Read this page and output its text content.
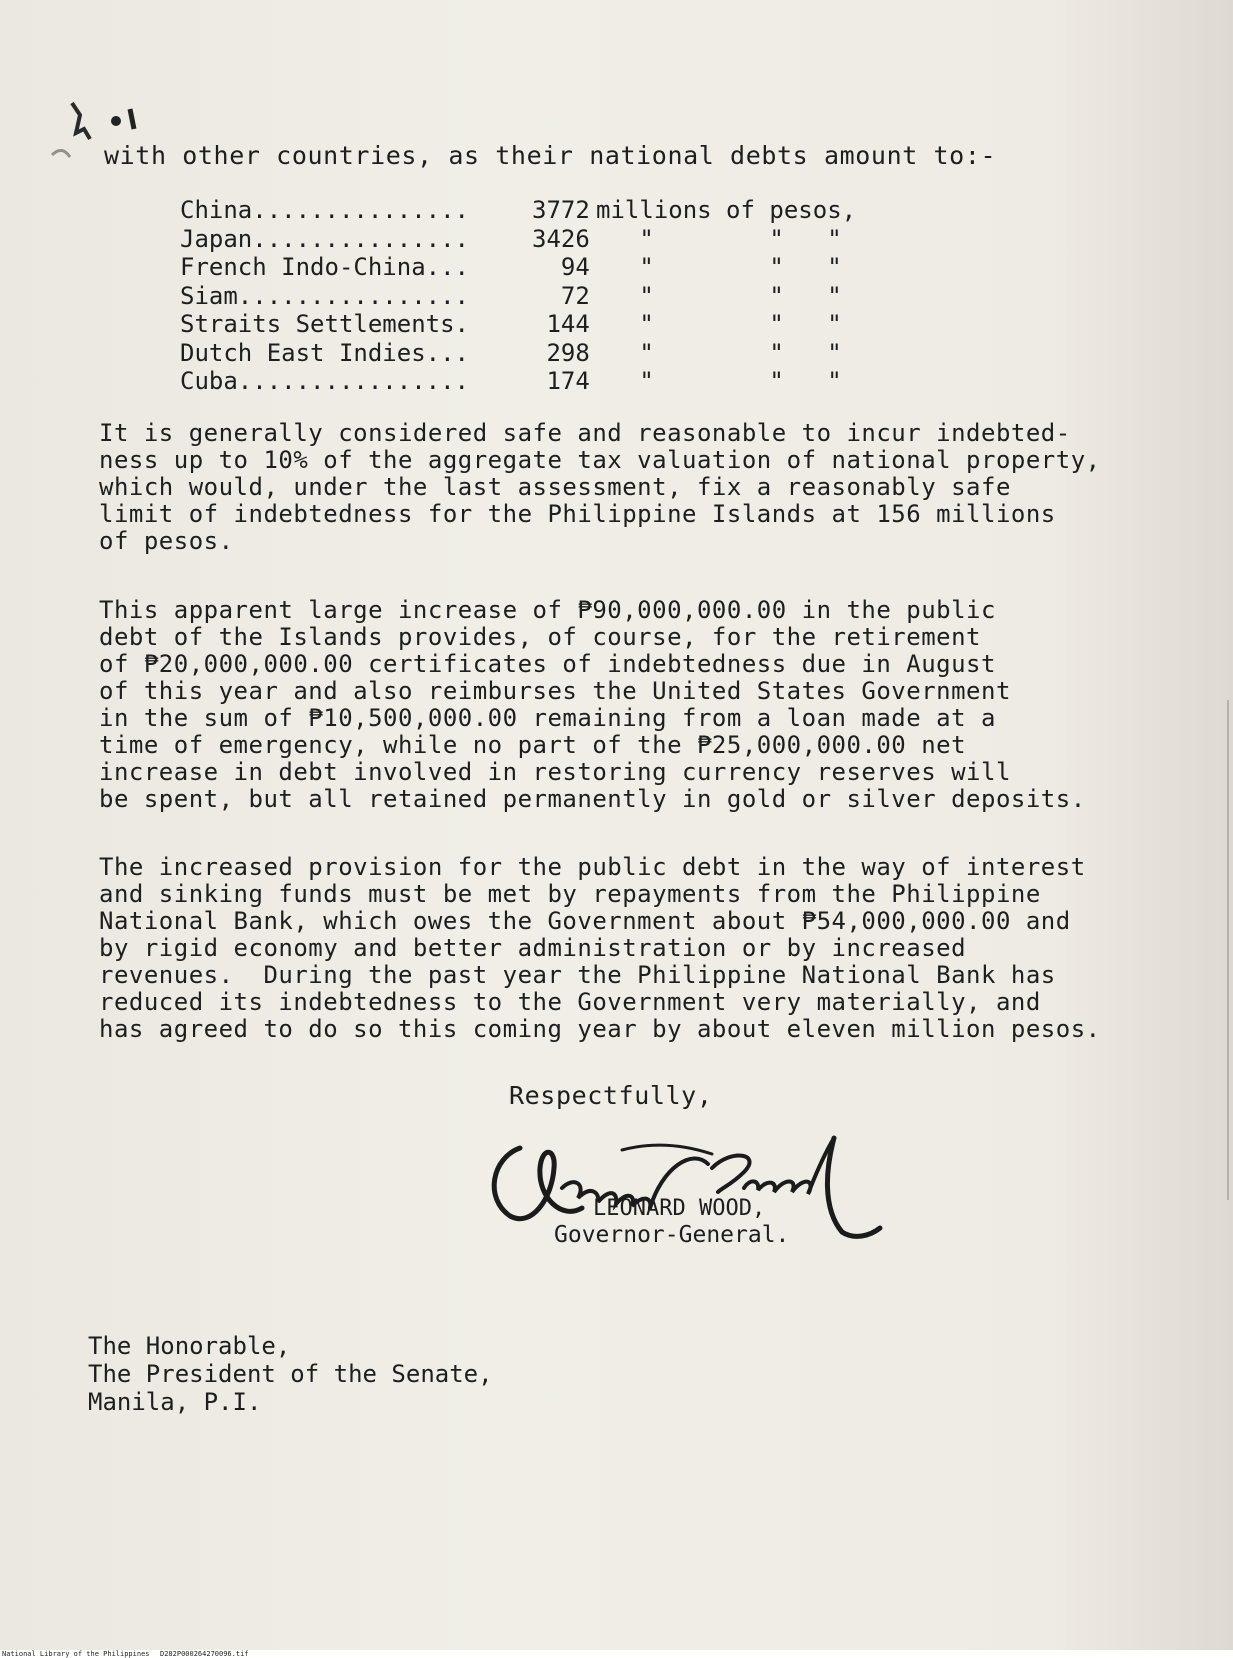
with other countries, as their national debts amount to:-
China...............	3772 millions of pesos,
Japan...............	3426 "        "   "
French Indo-China...	94 "        "   "
Siam................	72 "        "   "
Straits Settlements.	144 "        "   "
Dutch East Indies...	298 "        "   "
Cuba................	174 "        "   "
It is generally considered safe and reasonable to incur indebted-
ness up to 10% of the aggregate tax valuation of national property,
which would, under the last assessment, fix a reasonably safe
limit of indebtedness for the Philippine Islands at 156 millions
of pesos.
This apparent large increase of ₱90,000,000.00 in the public
debt of the Islands provides, of course, for the retirement
of ₱20,000,000.00 certificates of indebtedness due in August
of this year and also reimburses the United States Government
in the sum of ₱10,500,000.00 remaining from a loan made at a
time of emergency, while no part of the ₱25,000,000.00 net
increase in debt involved in restoring currency reserves will
be spent, but all retained permanently in gold or silver deposits.
The increased provision for the public debt in the way of interest
and sinking funds must be met by repayments from the Philippine
National Bank, which owes the Government about ₱54,000,000.00 and
by rigid economy and better administration or by increased
revenues.  During the past year the Philippine National Bank has
reduced its indebtedness to the Government very materially, and
has agreed to do so this coming year by about eleven million pesos.
Respectfully,
LEONARD WOOD,
Governor-General.
The Honorable,
The President of the Senate,
Manila, P.I.
National Library of the Philippines D282P000264270096.tif
